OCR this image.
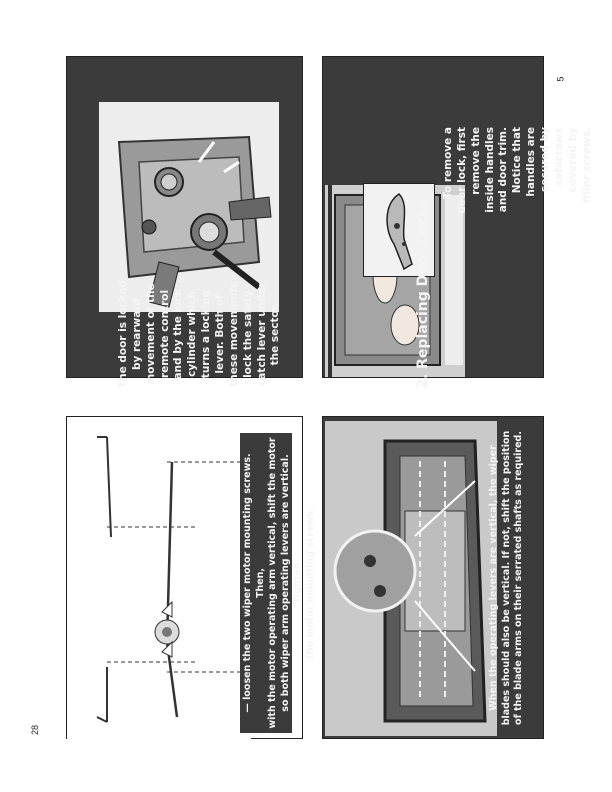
5
28
The door is locked
by rearward
movement of the
remote control
and by the lock
cylinder which
turns a locking
lever. Both of
these movements
lock the safety
catch lever under
the sector.	2. Replacing Door Locks
To remove a door lock, first remove the inside handles and door trim. Notice that handles are secured by setscrews covered by filler screws.
— loosen the two wiper motor mounting screws. Then,
with the motor operating arm vertical, shift the motor
so both wiper arm operating levers are vertical. Tighten
the motor mounting screws.
When the operating levers are vertical, the wiper
blades should also be vertical. If not, shift the position
of the blade arms on their serrated shafts as required.
